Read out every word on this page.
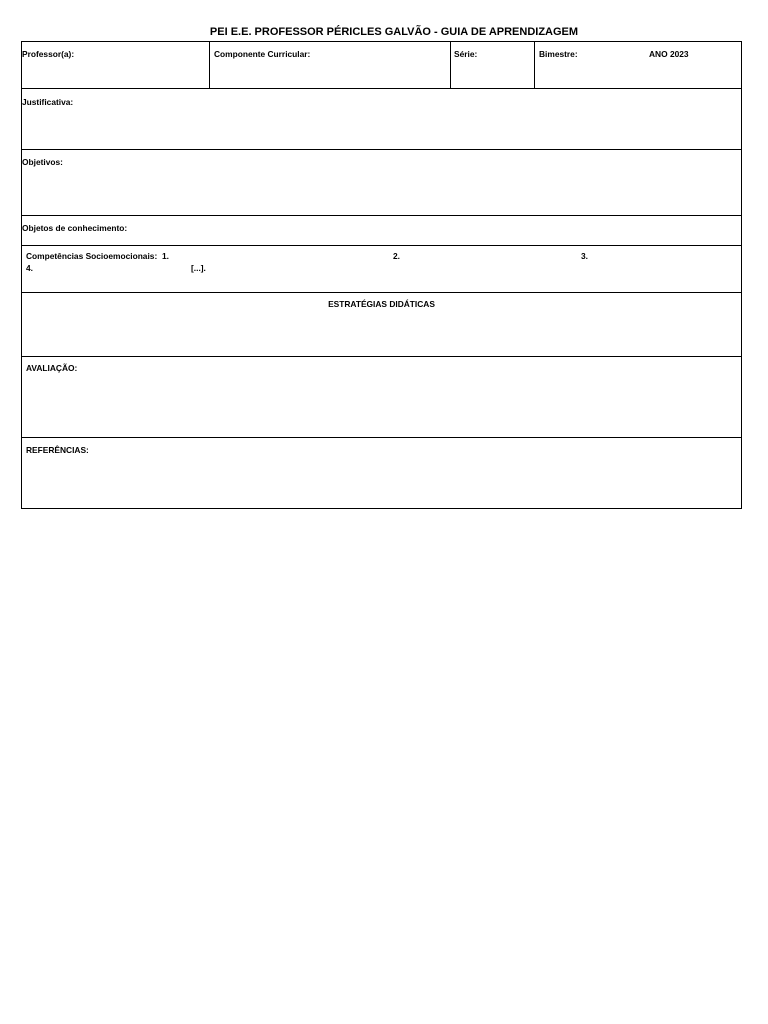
PEI E.E. PROFESSOR PÉRICLES GALVÃO - GUIA DE APRENDIZAGEM
Professor(a):	Componente Curricular:	Série:	Bimestre:	ANO 2023
Justificativa:
Objetivos:
Objetos de conhecimento:
Competências Socioemocionais: 1.	2.	3.
4.	[...].
ESTRATÉGIAS DIDÁTICAS
AVALIAÇÃO:
REFERÊNCIAS:
